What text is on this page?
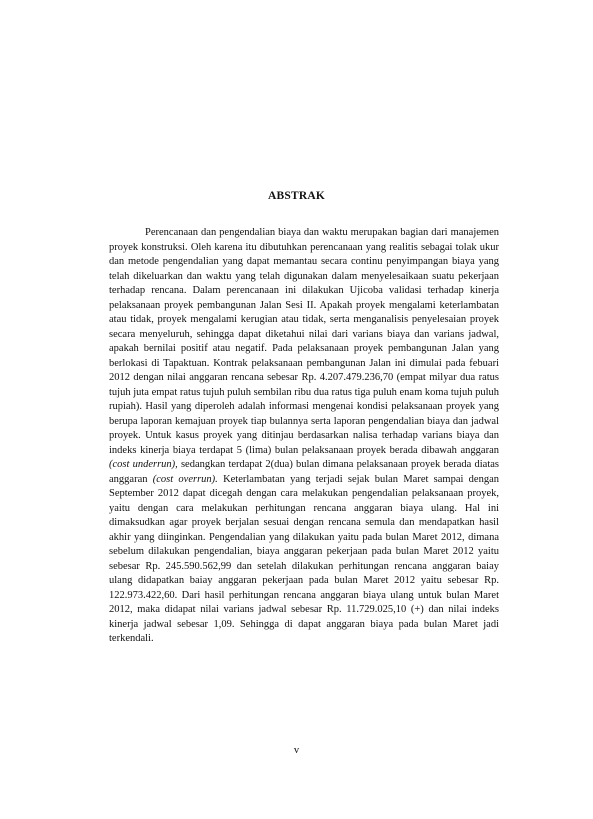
ABSTRAK

Perencanaan dan pengendalian biaya dan waktu merupakan bagian dari manajemen proyek konstruksi. Oleh karena itu dibutuhkan perencanaan yang realitis sebagai tolak ukur dan metode pengendalian yang dapat memantau secara continu penyimpangan biaya yang telah dikeluarkan dan waktu yang telah digunakan dalam menyelesaikaan suatu pekerjaan terhadap rencana. Dalam perencanaan ini dilakukan Ujicoba validasi terhadap kinerja pelaksanaan proyek pembangunan Jalan Sesi II. Apakah proyek mengalami keterlambatan atau tidak, proyek mengalami kerugian atau tidak, serta menganalisis penyelesaian proyek secara menyeluruh, sehingga dapat diketahui nilai dari varians biaya dan varians jadwal, apakah bernilai positif atau negatif. Pada pelaksanaan proyek pembangunan Jalan yang berlokasi di Tapaktuan. Kontrak pelaksanaan pembangunan Jalan ini dimulai pada febuari 2012 dengan nilai anggaran rencana sebesar Rp. 4.207.479.236,70 (empat milyar dua ratus tujuh juta empat ratus tujuh puluh sembilan ribu dua ratus tiga puluh enam koma tujuh puluh rupiah). Hasil yang diperoleh adalah informasi mengenai kondisi pelaksanaan proyek yang berupa laporan kemajuan proyek tiap bulannya serta laporan pengendalian biaya dan jadwal proyek. Untuk kasus proyek yang ditinjau berdasarkan nalisa terhadap varians biaya dan indeks kinerja biaya terdapat 5 (lima) bulan pelaksanaan proyek berada dibawah anggaran (cost underrun), sedangkan terdapat 2(dua) bulan dimana pelaksanaan proyek berada diatas anggaran (cost overrun). Keterlambatan yang terjadi sejak bulan Maret sampai dengan September 2012 dapat dicegah dengan cara melakukan pengendalian pelaksanaan proyek, yaitu dengan cara melakukan perhitungan rencana anggaran biaya ulang. Hal ini dimaksudkan agar proyek berjalan sesuai dengan rencana semula dan mendapatkan hasil akhir yang diinginkan. Pengendalian yang dilakukan yaitu pada bulan Maret 2012, dimana sebelum dilakukan pengendalian, biaya anggaran pekerjaan pada bulan Maret 2012 yaitu sebesar Rp. 245.590.562,99 dan setelah dilakukan perhitungan rencana anggaran baiay ulang didapatkan baiay anggaran pekerjaan pada bulan Maret 2012 yaitu sebesar Rp. 122.973.422,60. Dari hasil perhitungan rencana anggaran biaya ulang untuk bulan Maret 2012, maka didapat nilai varians jadwal sebesar Rp. 11.729.025,10 (+) dan nilai indeks kinerja jadwal sebesar 1,09. Sehingga di dapat anggaran biaya pada bulan Maret jadi terkendali.

v
